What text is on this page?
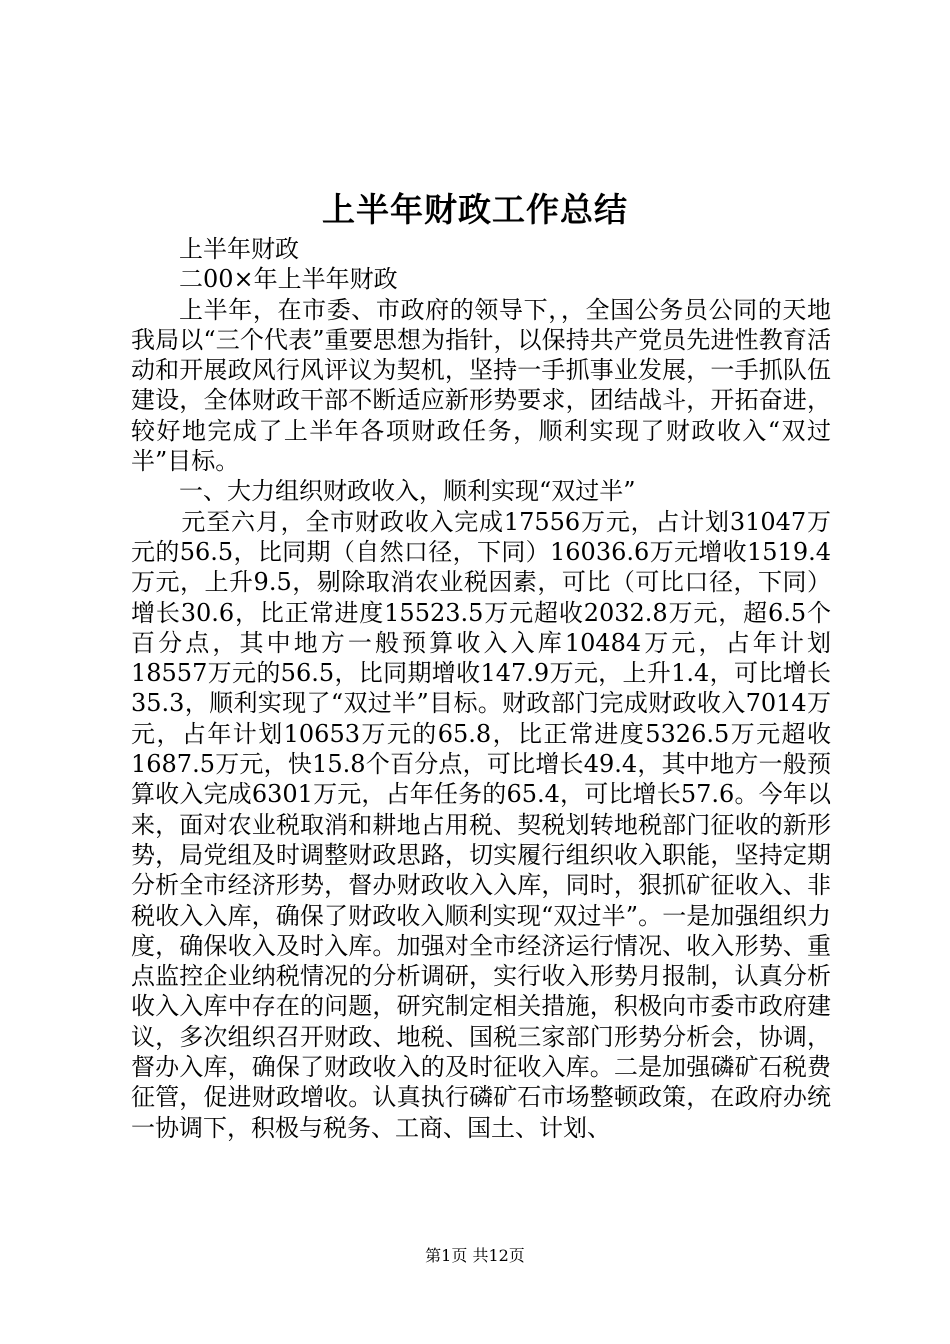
上半年财政工作总结

上半年财政

二00×年上半年财政

上半年，在市委、市政府的领导下，，全国公务员公同的天地我局以“三个代表”重要思想为指针，以保持共产党员先进性教育活动和开展政风行风评议为契机，坚持一手抓事业发展，一手抓队伍建设，全体财政干部不断适应新形势要求，团结战斗，开拓奋进，较好地完成了上半年各项财政任务，顺利实现了财政收入“双过半”目标。

一、大力组织财政收入，顺利实现“双过半”

元至六月，全市财政收入完成17556万元，占计划31047万元的56.5，比同期（自然口径，下同）16036.6万元增收1519.4万元，上升9.5，剔除取消农业税因素，可比（可比口径，下同）增长30.6，比正常进度15523.5万元超收2032.8万元，超6.5个百分点，其中地方一般预算收入入库10484万元，占年计划18557万元的56.5，比同期增收147.9万元，上升1.4，可比增长35.3，顺利实现了“双过半”目标。财政部门完成财政收入7014万元，占年计划10653万元的65.8，比正常进度5326.5万元超收1687.5万元，快15.8个百分点，可比增长49.4，其中地方一般预算收入完成6301万元，占年任务的65.4，可比增长57.6。今年以来，面对农业税取消和耕地占用税、契税划转地税部门征收的新形势，局党组及时调整财政思路，切实履行组织收入职能，坚持定期分析全市经济形势，督办财政收入入库，同时，狠抓矿征收入、非税收入入库，确保了财政收入顺利实现“双过半”。一是加强组织力度，确保收入及时入库。加强对全市经济运行情况、收入形势、重点监控企业纳税情况的分析调研，实行收入形势月报制，认真分析收入入库中存在的问题，研究制定相关措施，积极向市委市政府建议，多次组织召开财政、地税、国税三家部门形势分析会，协调，督办入库，确保了财政收入的及时征收入库。二是加强磷矿石税费征管，促进财政增收。认真执行磷矿石市场整顿政策，在政府办统一协调下，积极与税务、工商、国土、计划、

第1页 共12页
